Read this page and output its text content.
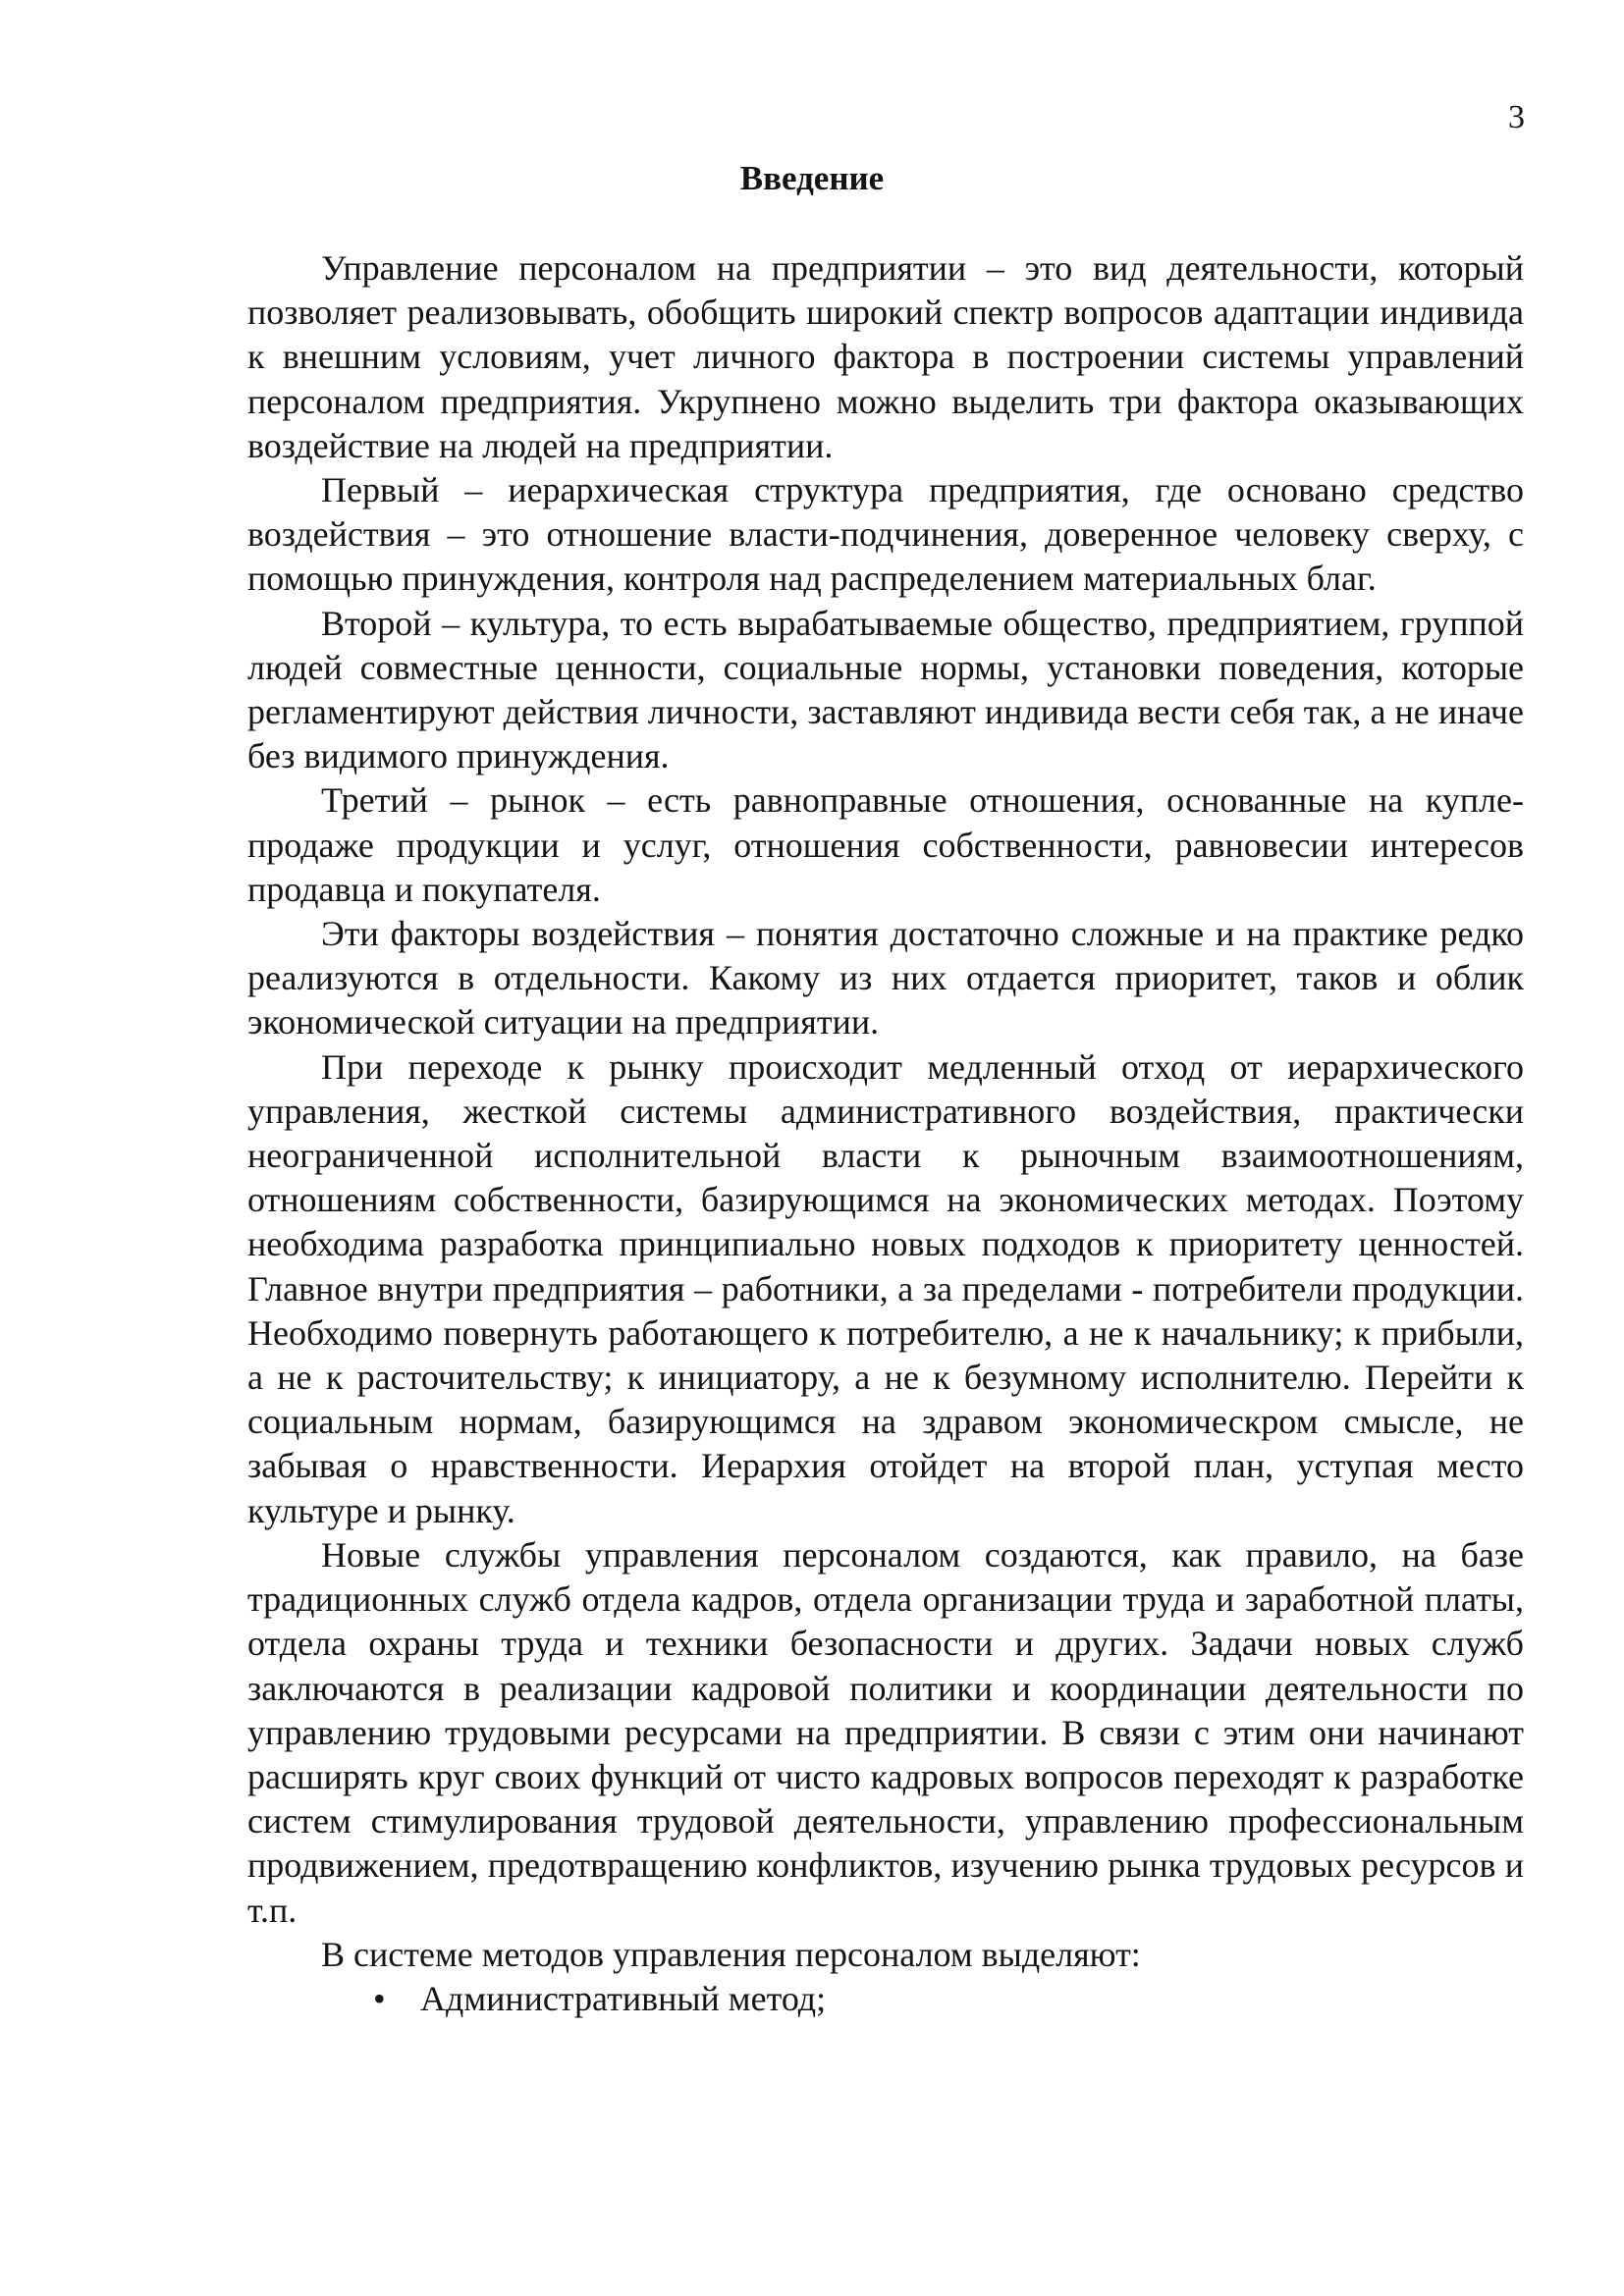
3
Введение

Управление персоналом на предприятии – это вид деятельности, который позволяет реализовывать, обобщить широкий спектр вопросов адаптации индивида к внешним условиям, учет личного фактора в построении системы управлений персоналом предприятия. Укрупнено можно выделить три фактора оказывающих воздействие на людей на предприятии.

Первый – иерархическая структура предприятия, где основано средство воздействия – это отношение власти-подчинения, доверенное человеку сверху, с помощью принуждения, контроля над распределением материальных благ.

Второй – культура, то есть вырабатываемые общество, предприятием, группой людей совместные ценности, социальные нормы, установки поведения, которые регламентируют действия личности, заставляют индивида вести себя так, а не иначе без видимого принуждения.

Третий – рынок – есть равноправные отношения, основанные на купле-продаже продукции и услуг, отношения собственности, равновесии интересов продавца и покупателя.

Эти факторы воздействия – понятия достаточно сложные и на практике редко реализуются в отдельности. Какому из них отдается приоритет, таков и облик экономической ситуации на предприятии.

При переходе к рынку происходит медленный отход от иерархического управления, жесткой системы административного воздействия, практически неограниченной исполнительной власти к рыночным взаимоотношениям, отношениям собственности, базирующимся на экономических методах. Поэтому необходима разработка принципиально новых подходов к приоритету ценностей. Главное внутри предприятия – работники, а за пределами - потребители продукции. Необходимо повернуть работающего к потребителю, а не к начальнику; к прибыли, а не к расточительству; к инициатору, а не к безумному исполнителю. Перейти к социальным нормам, базирующимся на здравом экономическром смысле, не забывая о нравственности. Иерархия отойдет на второй план, уступая место культуре и рынку.

Новые службы управления персоналом создаются, как правило, на базе традиционных служб отдела кадров, отдела организации труда и заработной платы, отдела охраны труда и техники безопасности и других. Задачи новых служб заключаются в реализации кадровой политики и координации деятельности по управлению трудовыми ресурсами на предприятии. В связи с этим они начинают расширять круг своих функций от чисто кадровых вопросов переходят к разработке систем стимулирования трудовой деятельности, управлению профессиональным продвижением, предотвращению конфликтов, изучению рынка трудовых ресурсов и т.п.

В системе методов управления персоналом выделяют:

• Административный метод;
